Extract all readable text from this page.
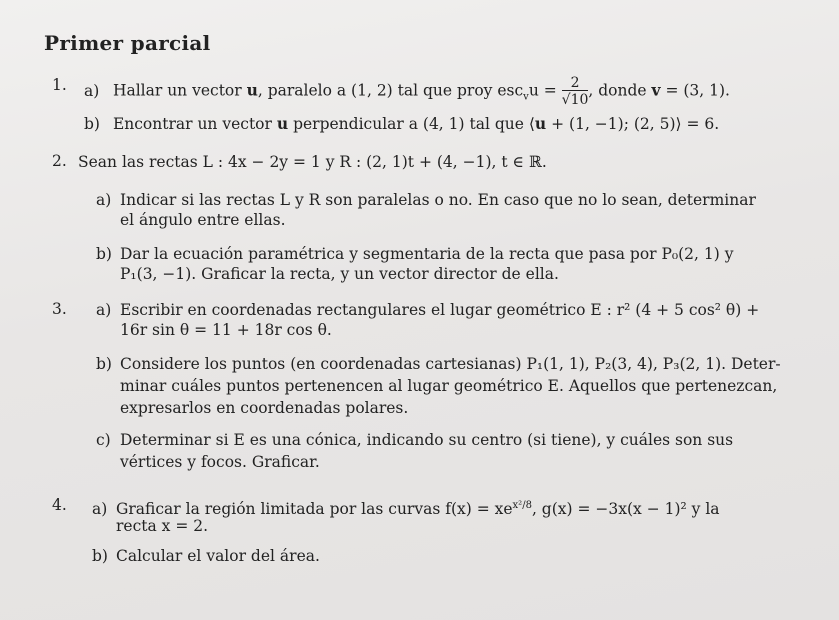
Primer parcial
1. a) Hallar un vector u, paralelo a (1, 2) tal que proy $esc_vu = \frac{2}{√10}$ , donde v = (3, 1).
b) Encontrar un vector u perpendicular a (4, 1) tal que ⟨u + (1, −1); (2, 5)⟩ = 6.
2. Sean las rectas L : 4x − 2y = 1 y R : (2, 1)t + (4, −1), t ∈ ℝ.
a) Indicar si las rectas L y R son paralelas o no. En caso que no lo sean, determinar
el ángulo entre ellas.
b) Dar la ecuación paramétrica y segmentaria de la recta que pasa por P₀(2, 1) y
P₁(3, −1). Graficar la recta, y un vector director de ella.
3. a) Escribir en coordenadas rectangulares el lugar geométrico E : r² (4 + 5 cos² θ) +
16r sin θ = 11 + 18r cos θ.
b) Considere los puntos (en coordenadas cartesianas) P₁(1, 1), P₂(3, 4), P₃(2, 1). Deter-
minar cuáles puntos pertenencen al lugar geométrico E. Aquellos que pertenezcan,
expresarlos en coordenadas polares.
c) Determinar si E es una cónica, indicando su centro (si tiene), y cuáles son sus
vértices y focos. Graficar.
4. a) Graficar la región limitada por las curvas $f(x) = xe^{x^2/8}$, g(x) = −3x(x − 1)² y la
recta x = 2.
b) Calcular el valor del área.
